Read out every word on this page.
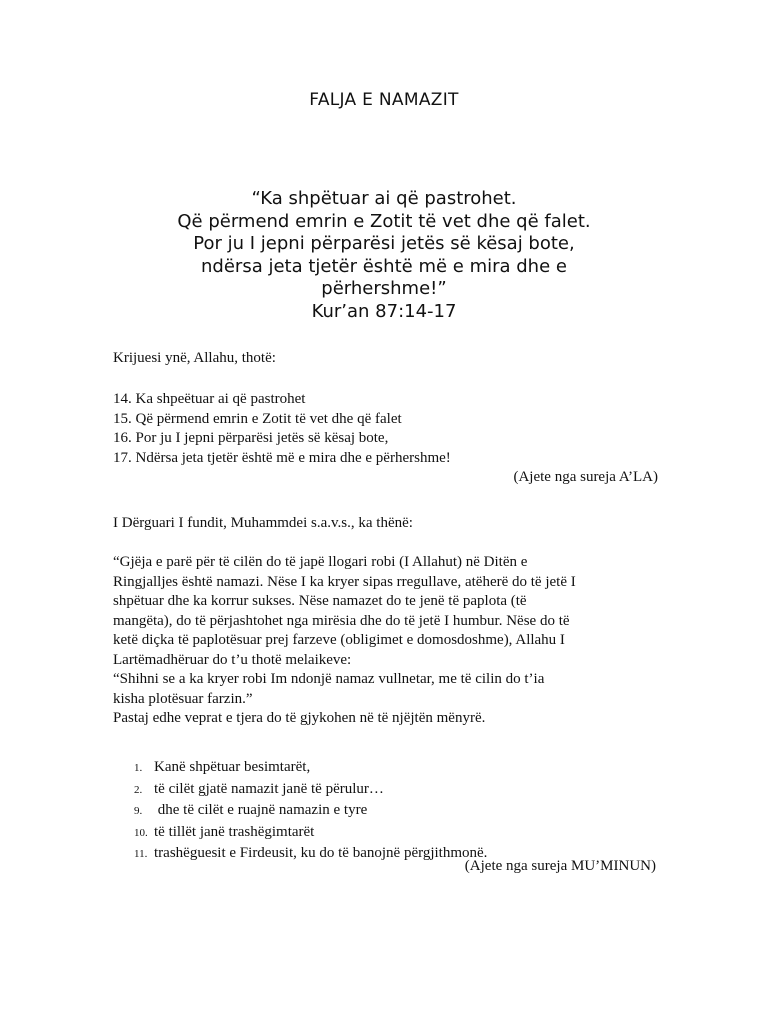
FALJA E NAMAZIT
“Ka shpëtuar ai që pastrohet.
Që përmend emrin e Zotit të vet dhe që falet.
Por ju I jepni përparësi jetës së kësaj bote,
ndërsa jeta tjetër është më e mira dhe e
përhershme!”
Kur’an 87:14-17
Krijuesi ynë, Allahu, thotë:
14. Ka shpeëtuar ai që pastrohet
15. Që përmend emrin e Zotit të vet dhe që falet
16. Por ju I jepni përparësi jetës së kësaj bote,
17. Ndërsa jeta tjetër është më e mira dhe e përhershme!
(Ajete nga sureja A’LA)
I Dërguari I fundit, Muhammdei s.a.v.s., ka thënë:
“Gjëja e parë për të cilën do të japë llogari robi (I Allahut) në Ditën e
Ringjalljes është namazi. Nëse I ka kryer sipas rregullave, atëherë do të jetë I
shpëtuar dhe ka korrur sukses. Nëse namazet do te jenë të paplota (të
mangëta), do të përjashtohet nga mirësia dhe do të jetë I humbur. Nëse do të
ketë diçka të paplotësuar prej farzeve (obligimet e domosdoshme), Allahu I
Lartëmadhëruar do t’u thotë melaikeve:
“Shihni se a ka kryer robi Im ndonjë namaz vullnetar, me të cilin do t’ia
kisha plotësuar farzin.”
Pastaj edhe veprat e tjera do të gjykohen në të njëjtën mënyrë.
1. Kanë shpëtuar besimtarët,
2. të cilët gjatë namazit janë të përulur…
9. dhe të cilët e ruajnë namazin e tyre
10. të tillët janë trashëgimtarët
11. trashëguesit e Firdeusit, ku do të banojnë përgjithmonë.
(Ajete nga sureja MU’MINUN)
